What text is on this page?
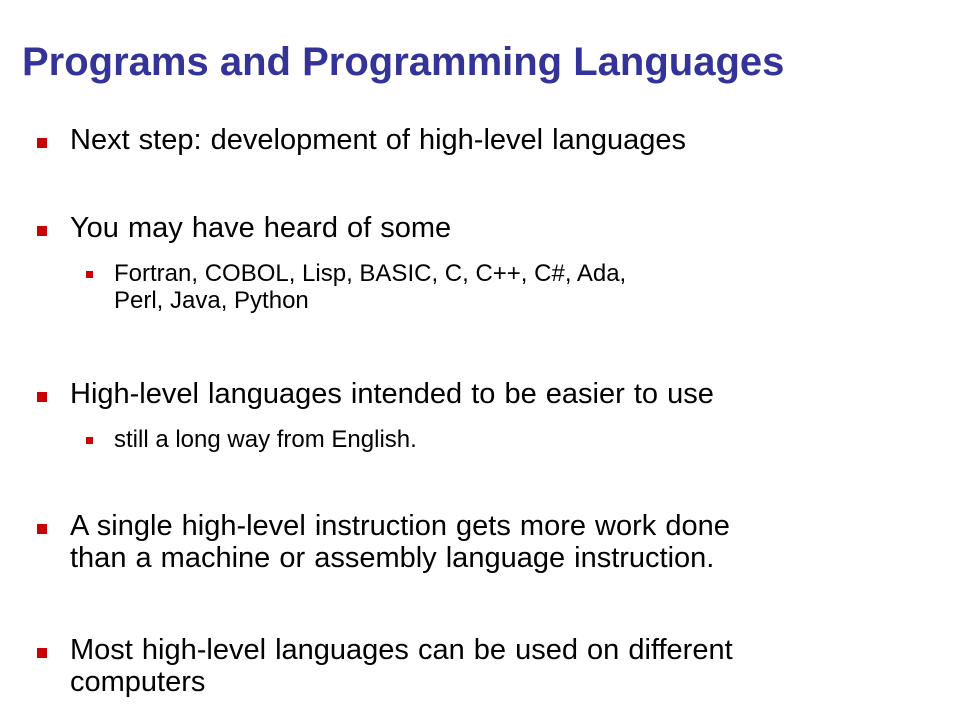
Programs and Programming Languages

Next step: development of high-level languages

You may have heard of some

Fortran, COBOL, Lisp, BASIC, C, C++, C#, Ada,
Perl, Java, Python

High-level languages intended to be easier to use

still a long way from English.

A single high-level instruction gets more work done
than a machine or assembly language instruction.

Most high-level languages can be used on different
computers
